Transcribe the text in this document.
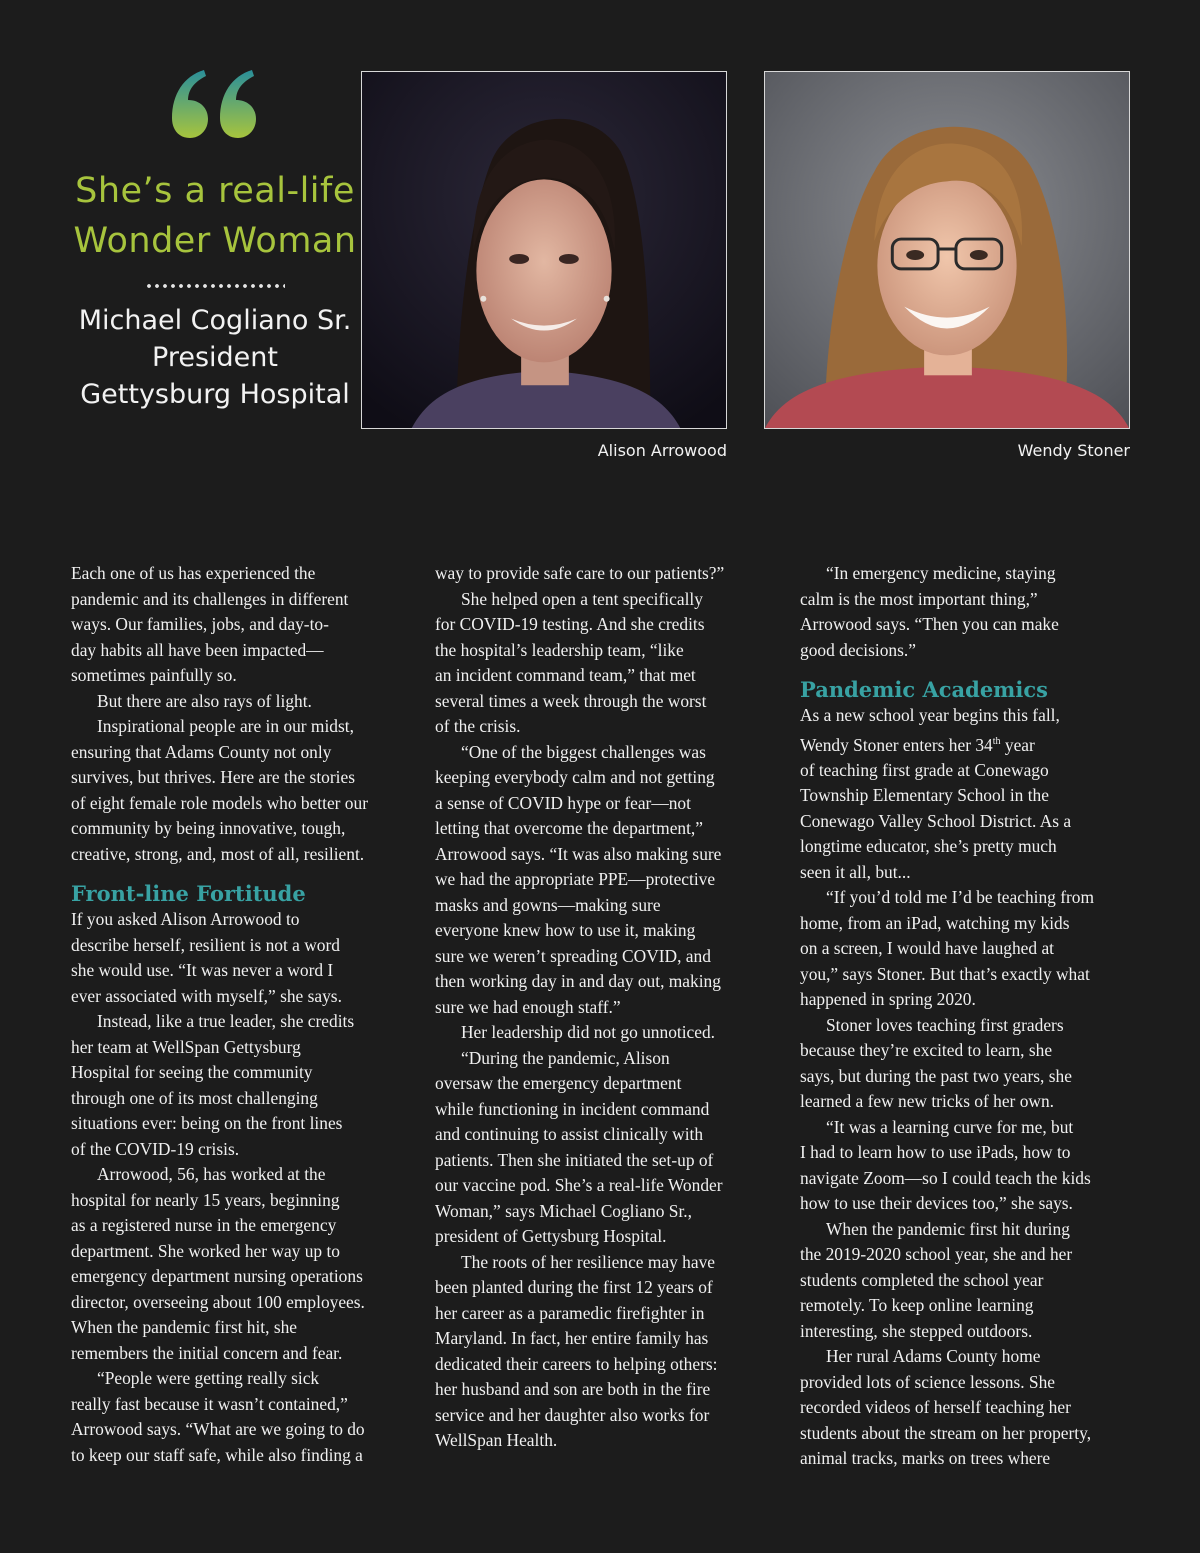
She’s a real-life
Wonder Woman
Michael Cogliano Sr.
President
Gettysburg Hospital
Alison Arrowood	Wendy Stoner

Each one of us has experienced the
pandemic and its challenges in different
ways. Our families, jobs, and day-to-
day habits all have been impacted—
sometimes painfully so.

But there are also rays of light.

Inspirational people are in our midst,
ensuring that Adams County not only
survives, but thrives. Here are the stories
of eight female role models who better our
community by being innovative, tough,
creative, strong, and, most of all, resilient.

Front-line Fortitude

If you asked Alison Arrowood to
describe herself, resilient is not a word
she would use. “It was never a word I
ever associated with myself,” she says.

Instead, like a true leader, she credits
her team at WellSpan Gettysburg
Hospital for seeing the community
through one of its most challenging
situations ever: being on the front lines
of the COVID-19 crisis.

Arrowood, 56, has worked at the
hospital for nearly 15 years, beginning
as a registered nurse in the emergency
department. She worked her way up to
emergency department nursing operations
director, overseeing about 100 employees.
When the pandemic first hit, she
remembers the initial concern and fear.

“People were getting really sick
really fast because it wasn’t contained,”
Arrowood says. “What are we going to do
to keep our staff safe, while also finding a

way to provide safe care to our patients?”

She helped open a tent specifically
for COVID-19 testing. And she credits
the hospital’s leadership team, “like
an incident command team,” that met
several times a week through the worst
of the crisis.

“One of the biggest challenges was
keeping everybody calm and not getting
a sense of COVID hype or fear—not
letting that overcome the department,”
Arrowood says. “It was also making sure
we had the appropriate PPE—protective
masks and gowns—making sure
everyone knew how to use it, making
sure we weren’t spreading COVID, and
then working day in and day out, making
sure we had enough staff.”

Her leadership did not go unnoticed.

“During the pandemic, Alison
oversaw the emergency department
while functioning in incident command
and continuing to assist clinically with
patients. Then she initiated the set-up of
our vaccine pod. She’s a real-life Wonder
Woman,” says Michael Cogliano Sr.,
president of Gettysburg Hospital.

The roots of her resilience may have
been planted during the first 12 years of
her career as a paramedic firefighter in
Maryland. In fact, her entire family has
dedicated their careers to helping others:
her husband and son are both in the fire
service and her daughter also works for
WellSpan Health.

“In emergency medicine, staying
calm is the most important thing,”
Arrowood says. “Then you can make
good decisions.”

Pandemic Academics

As a new school year begins this fall,
Wendy Stoner enters her 34th year
of teaching first grade at Conewago
Township Elementary School in the
Conewago Valley School District. As a
longtime educator, she’s pretty much
seen it all, but...

“If you’d told me I’d be teaching from
home, from an iPad, watching my kids
on a screen, I would have laughed at
you,” says Stoner. But that’s exactly what
happened in spring 2020.

Stoner loves teaching first graders
because they’re excited to learn, she
says, but during the past two years, she
learned a few new tricks of her own.

“It was a learning curve for me, but
I had to learn how to use iPads, how to
navigate Zoom—so I could teach the kids
how to use their devices too,” she says.

When the pandemic first hit during
the 2019-2020 school year, she and her
students completed the school year
remotely. To keep online learning
interesting, she stepped outdoors.

Her rural Adams County home
provided lots of science lessons. She
recorded videos of herself teaching her
students about the stream on her property,
animal tracks, marks on trees where
